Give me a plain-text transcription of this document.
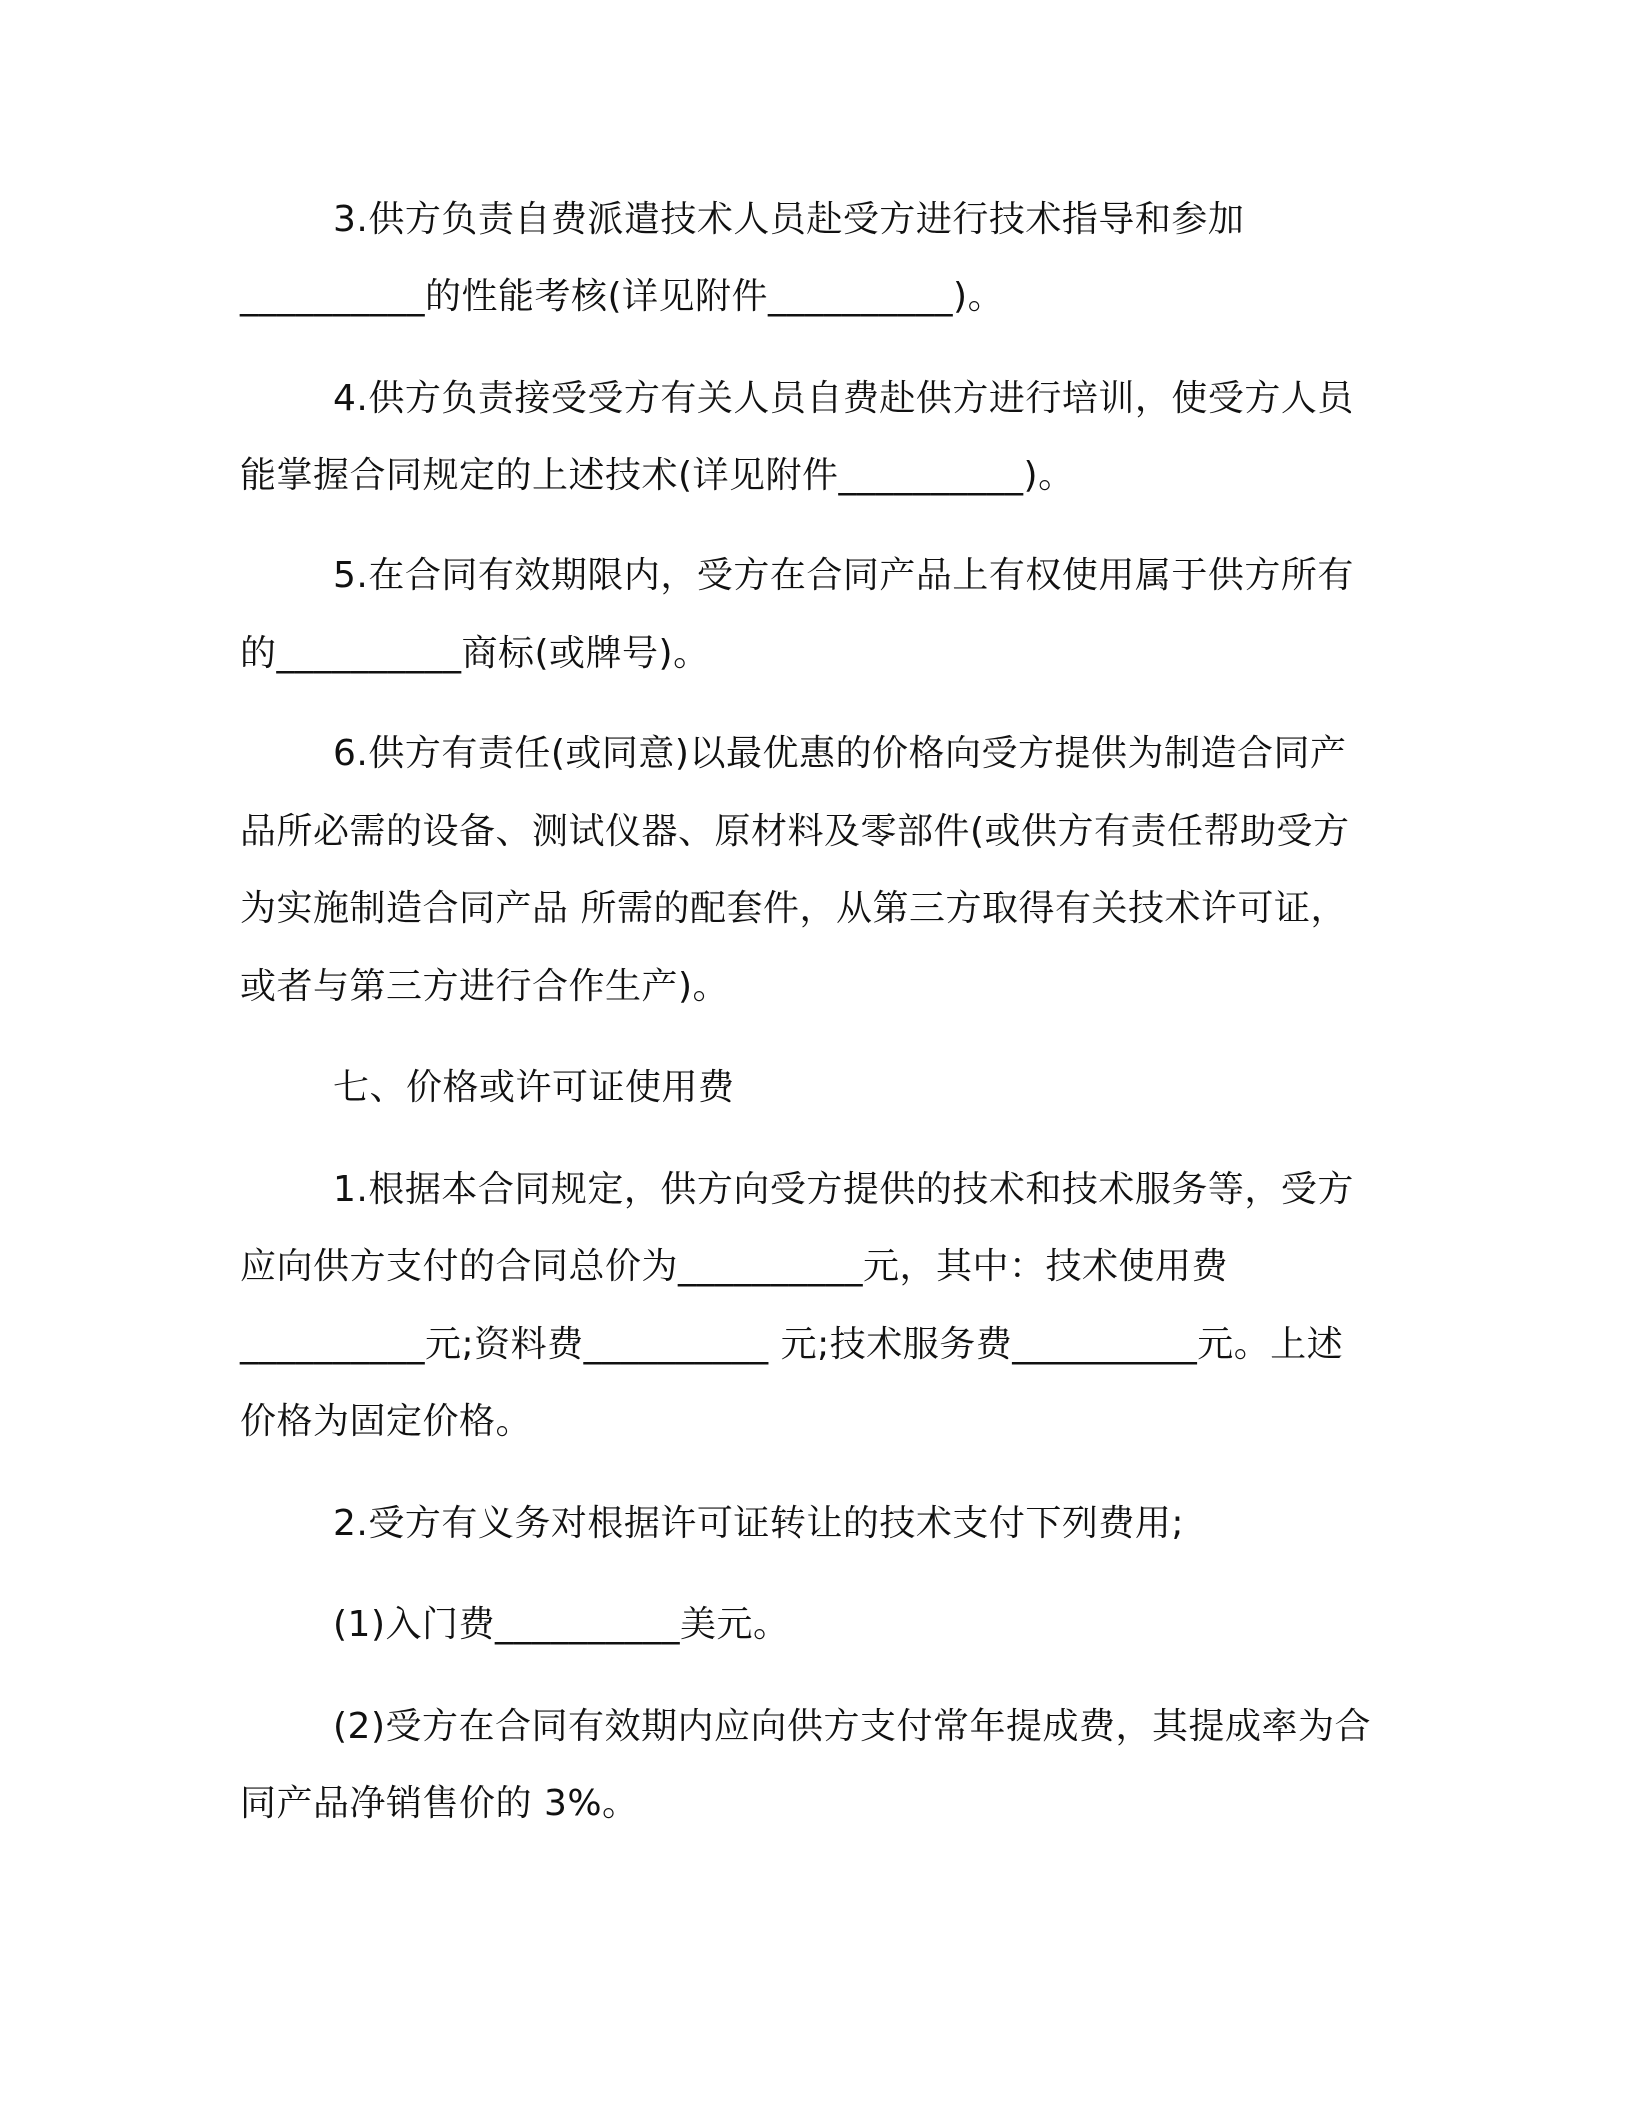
3.供方负责自费派遣技术人员赴受方进行技术指导和参加
__________的性能考核(详见附件__________)。
4.供方负责接受受方有关人员自费赴供方进行培训，使受方人员
能掌握合同规定的上述技术(详见附件__________)。
5.在合同有效期限内，受方在合同产品上有权使用属于供方所有
的__________商标(或牌号)。
6.供方有责任(或同意)以最优惠的价格向受方提供为制造合同产
品所必需的设备、测试仪器、原材料及零部件(或供方有责任帮助受方
为实施制造合同产品 所需的配套件，从第三方取得有关技术许可证，
或者与第三方进行合作生产)。
七、价格或许可证使用费
1.根据本合同规定，供方向受方提供的技术和技术服务等，受方
应向供方支付的合同总价为__________元，其中：技术使用费
__________元;资料费__________ 元;技术服务费__________元。上述
价格为固定价格。
2.受方有义务对根据许可证转让的技术支付下列费用;
(1)入门费__________美元。
(2)受方在合同有效期内应向供方支付常年提成费，其提成率为合
同产品净销售价的 3%。
